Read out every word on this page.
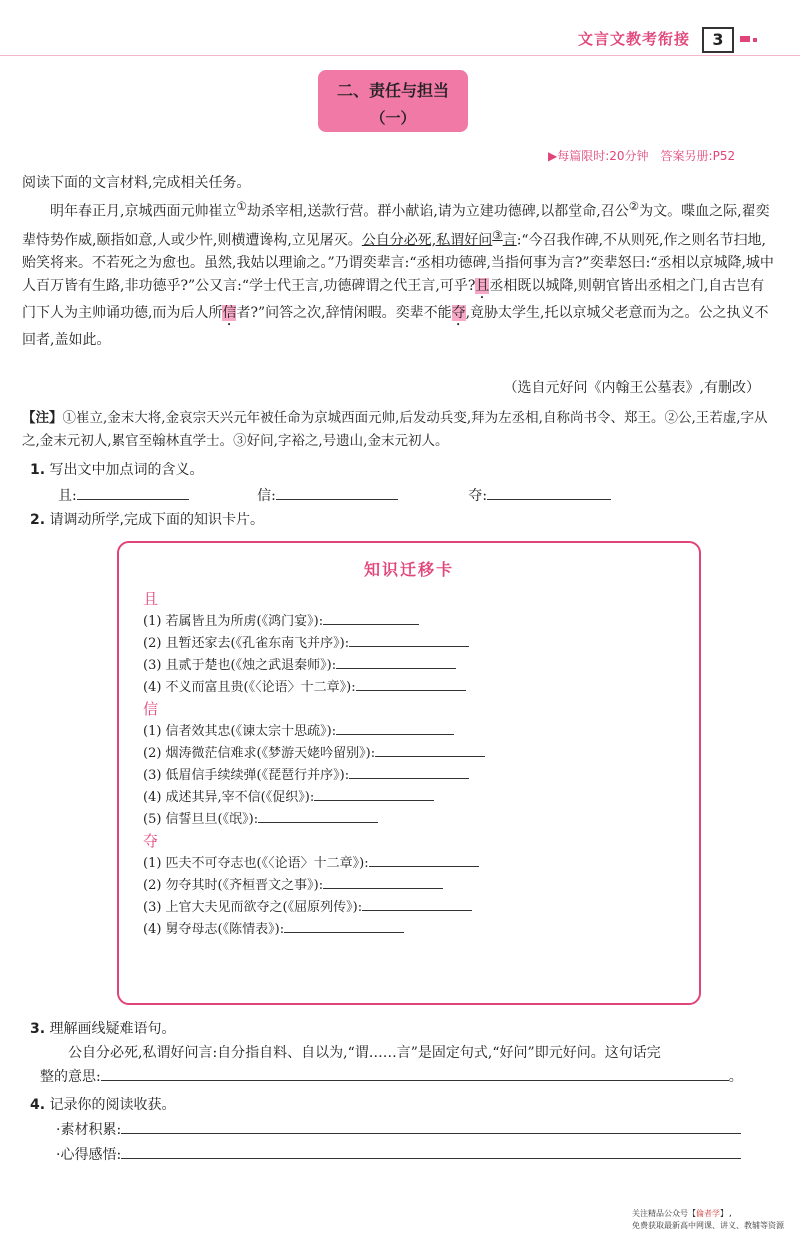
文言文教考衔接	3
二、责任与担当
（一）
▶每篇限时:20分钟　答案另册:P52
阅读下面的文言材料,完成相关任务。
明年春正月,京城西面元帅崔立①劫杀宰相,送款行营。群小献谄,请为立建功德碑,以都堂命,召公②为文。喋血之际,翟奕辈恃势作威,颐指如意,人或少忤,则横遭谗构,立见屠灭。公自分必死,私谓好问③言:“今召我作碑,不从则死,作之则名节扫地,贻笑将来。不若死之为愈也。虽然,我姑以理谕之。”乃谓奕辈言:“丞相功德碑,当指何事为言?”奕辈怒曰:“丞相以京城降,城中人百万皆有生路,非功德乎?”公又言:“学士代王言,功德碑谓之代王言,可乎?且丞相既以城降,则朝官皆出丞相之门,自古岂有门下人为主帅诵功德,而为后人所信者?”问答之次,辞情闲暇。奕辈不能夺,竟胁太学生,托以京城父老意而为之。公之执义不回者,盖如此。
（选自元好问《内翰王公墓表》,有删改）
【注】①崔立,金末大将,金哀宗天兴元年被任命为京城西面元帅,后发动兵变,拜为左丞相,自称尚书令、郑王。②公,王若虚,字从之,金末元初人,累官至翰林直学士。③好问,字裕之,号遗山,金末元初人。
1. 写出文中加点词的含义。
且:	信:	夺:
2. 请调动所学,完成下面的知识卡片。
知识迁移卡
且
(1) 若属皆且为所虏(《鸿门宴》):
(2) 且暂还家去(《孔雀东南飞并序》):
(3) 且贰于楚也(《烛之武退秦师》):
(4) 不义而富且贵(《〈论语〉十二章》):
信
(1) 信者效其忠(《谏太宗十思疏》):
(2) 烟涛微茫信难求(《梦游天姥吟留别》):
(3) 低眉信手续续弹(《琵琶行并序》):
(4) 成述其异,宰不信(《促织》):
(5) 信誓旦旦(《氓》):
夺
(1) 匹夫不可夺志也(《〈论语〉十二章》):
(2) 勿夺其时(《齐桓晋文之事》):
(3) 上官大夫见而欲夺之(《屈原列传》):
(4) 舅夺母志(《陈情表》):
3. 理解画线疑难语句。
公自分必死,私谓好问言:自分指自料、自以为,“谓……言”是固定句式,“好问”即元好问。这句话完
整的意思:	。
4. 记录你的阅读收获。
·素材积累:
·心得感悟:
关注精品公众号【倫者学】,
免费获取最新高中网课、讲义、教辅等资源
